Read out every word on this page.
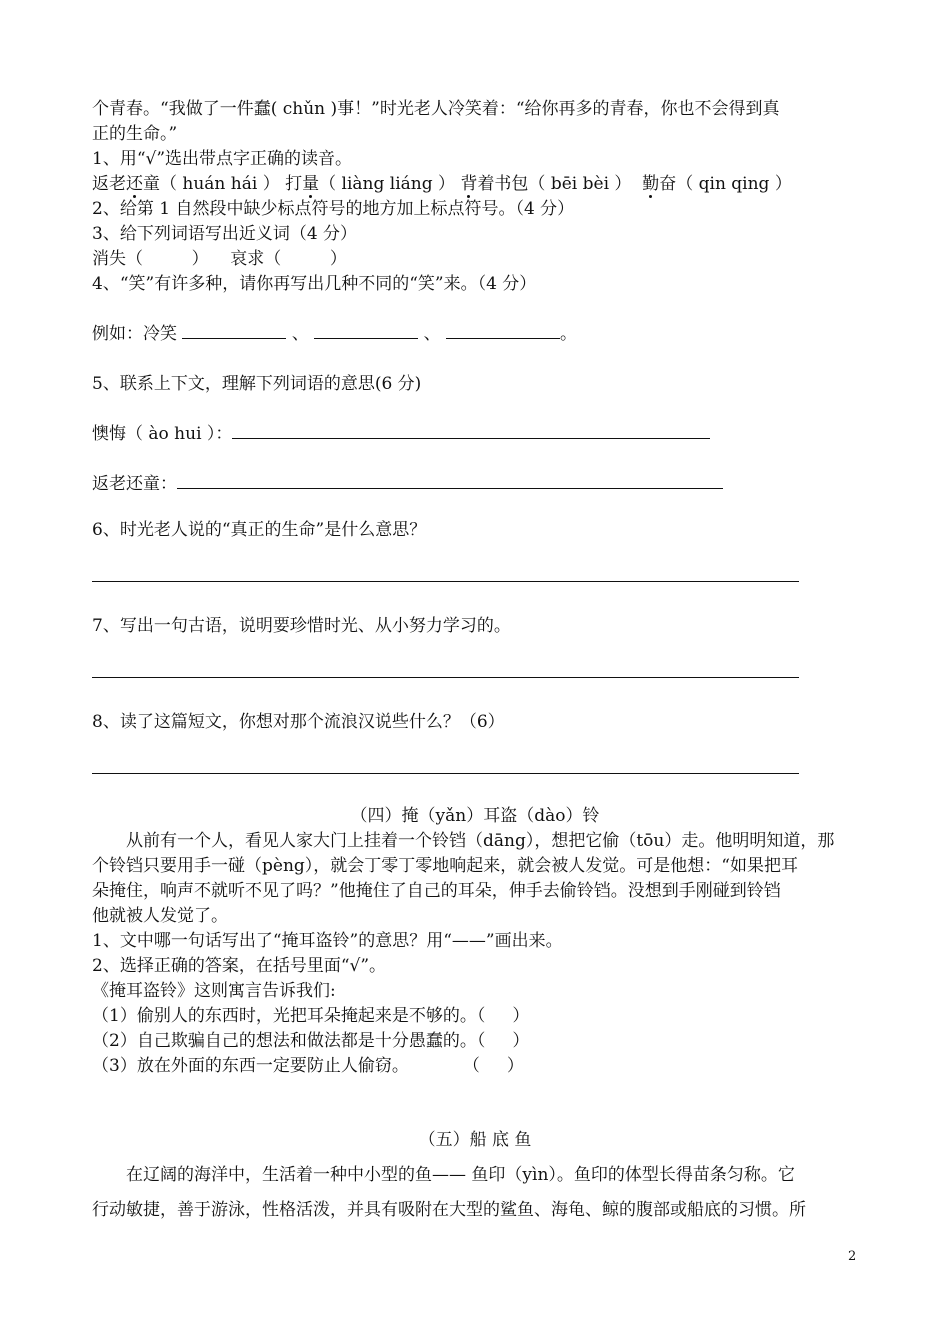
个青春。“我做了一件蠢( chǔn )事！”时光老人冷笑着：“给你再多的青春，你也不会得到真
正的生命。”
1、用“√”选出带点字正确的读音。
返老还童（ huán hái ） 打量（ liàng liáng ） 背着书包（ bēi bèi ）  勤奋（ qin qing ）
2、给第 1 自然段中缺少标点符号的地方加上标点符号。（4 分）
3、给下列词语写出近义词（4 分）
消失（         ）    哀求（         ）
4、“笑”有许多种，请你再写出几种不同的“笑”来。（4 分）
例如：冷笑	、	、	。
5、联系上下文，理解下列词语的意思(6 分)
懊悔（ ào hui ）：
返老还童：
6、时光老人说的“真正的生命”是什么意思？
7、写出一句古语，说明要珍惜时光、从小努力学习的。
8、读了这篇短文，你想对那个流浪汉说些什么？（6）
（四）掩（yǎn）耳盗（dào）铃
从前有一个人，看见人家大门上挂着一个铃铛（dāng），想把它偷（tōu）走。他明明知道，那
个铃铛只要用手一碰（pèng），就会丁零丁零地响起来，就会被人发觉。可是他想：“如果把耳
朵掩住，响声不就听不见了吗？”他掩住了自己的耳朵，伸手去偷铃铛。没想到手刚碰到铃铛
他就被人发觉了。
1、文中哪一句话写出了“掩耳盗铃”的意思？用“——”画出来。
2、选择正确的答案，在括号里面“√”。
《掩耳盗铃》这则寓言告诉我们:
（1）偷别人的东西时，光把耳朵掩起来是不够的。（     ）
（2）自己欺骗自己的想法和做法都是十分愚蠢的。（     ）
（3）放在外面的东西一定要防止人偷窃。          （     ）
（五）船 底 鱼
在辽阔的海洋中，生活着一种中小型的鱼—— 鱼印（yìn）。鱼印的体型长得苗条匀称。它
行动敏捷，善于游泳，性格活泼，并具有吸附在大型的鲨鱼、海龟、鲸的腹部或船底的习惯。所
2
